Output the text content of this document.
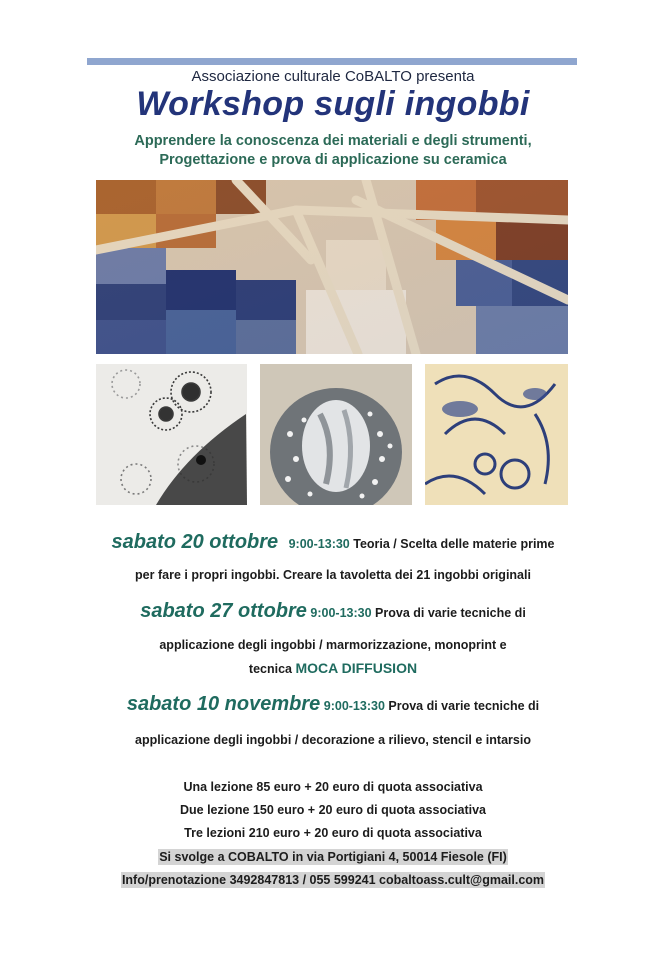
Associazione culturale CoBALTO presenta
Workshop sugli ingobbi
Apprendere la conoscenza dei materiali e degli strumenti,
Progettazione e prova di applicazione su ceramica
sabato 20 ottobre 9:00-13:30 Teoria / Scelta delle materie prime
per fare i propri ingobbi. Creare la tavoletta dei 21 ingobbi originali
sabato 27 ottobre 9:00-13:30 Prova di varie tecniche di
applicazione degli ingobbi / marmorizzazione, monoprint e
tecnica MOCA DIFFUSION
sabato 10 novembre 9:00-13:30 Prova di varie tecniche di
applicazione degli ingobbi / decorazione a rilievo, stencil e intarsio
Una lezione 85 euro + 20 euro di quota associativa
Due lezione 150 euro + 20 euro di quota associativa
Tre lezioni 210 euro + 20 euro di quota associativa
Si svolge a COBALTO in via Portigiani 4, 50014 Fiesole (FI)
Info/prenotazione 3492847813 / 055 599241 cobaltoass.cult@gmail.com
